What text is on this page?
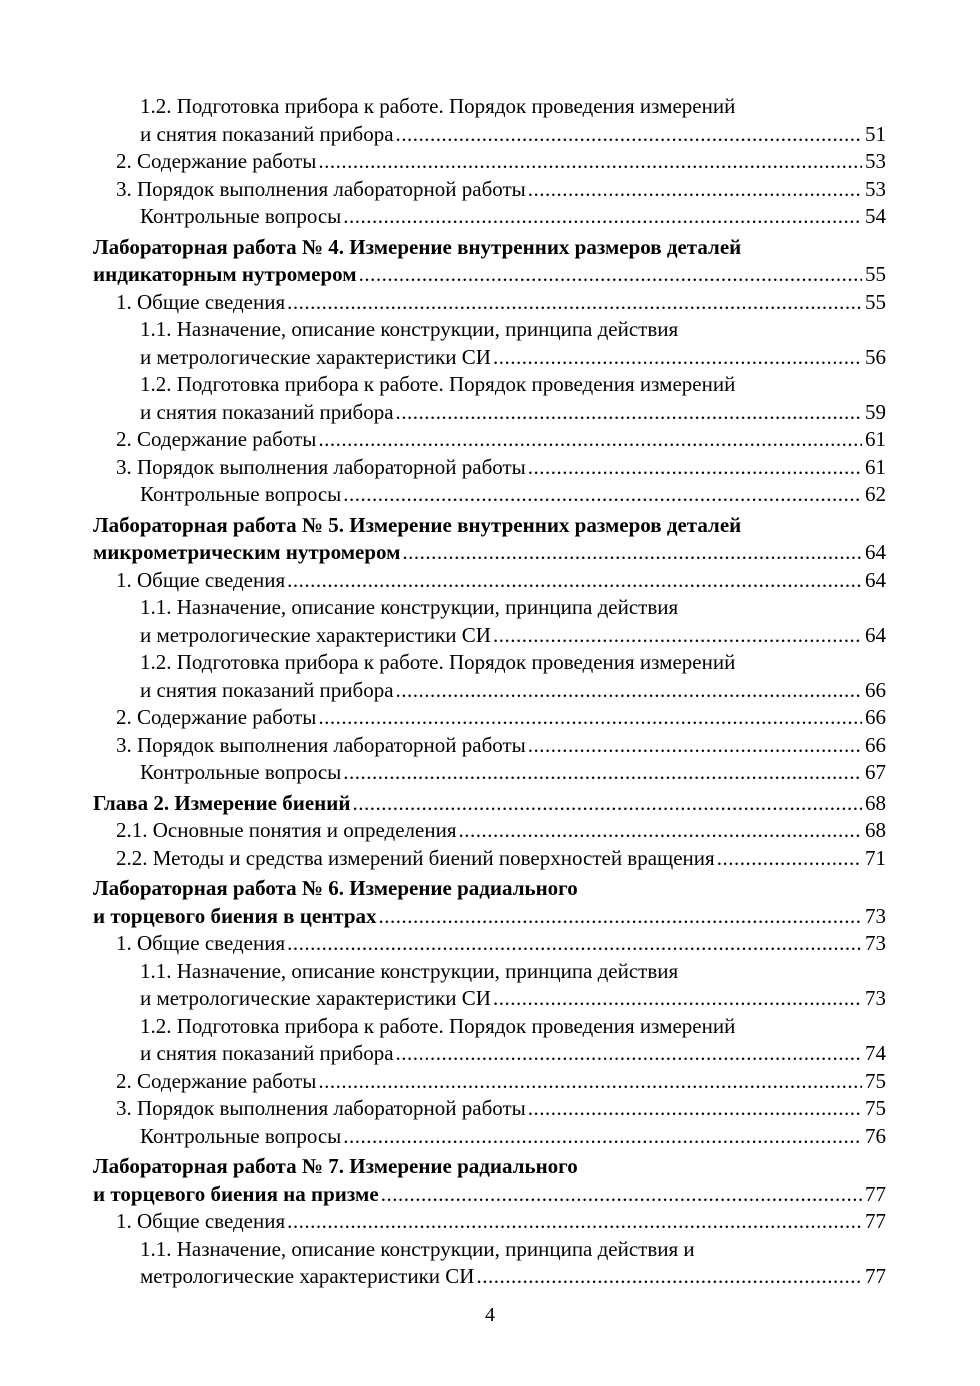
1.2. Подготовка прибора к работе. Порядок проведения измерений
и снятия показаний прибора .....	51
2. Содержание работы .....	53
3. Порядок выполнения лабораторной работы .....	53
Контрольные вопросы .....	54
Лабораторная работа № 4. Измерение внутренних размеров деталей
индикаторным нутромером .....	55
1. Общие сведения .....	55
1.1. Назначение, описание конструкции, принципа действия
и метрологические характеристики СИ .....	56
1.2. Подготовка прибора к работе. Порядок проведения измерений
и снятия показаний прибора .....	59
2. Содержание работы .....	61
3. Порядок выполнения лабораторной работы .....	61
Контрольные вопросы .....	62
Лабораторная работа № 5. Измерение внутренних размеров деталей
микрометрическим нутромером .....	64
1. Общие сведения .....	64
1.1. Назначение, описание конструкции, принципа действия
и метрологические характеристики СИ .....	64
1.2. Подготовка прибора к работе. Порядок проведения измерений
и снятия показаний прибора .....	66
2. Содержание работы .....	66
3. Порядок выполнения лабораторной работы .....	66
Контрольные вопросы .....	67
Глава 2. Измерение биений .....	68
2.1. Основные понятия и определения .....	68
2.2. Методы и средства измерений биений поверхностей вращения .....	71
Лабораторная работа № 6. Измерение радиального
и торцевого биения в центрах .....	73
1. Общие сведения .....	73
1.1. Назначение, описание конструкции, принципа действия
и метрологические характеристики СИ .....	73
1.2. Подготовка прибора к работе. Порядок проведения измерений
и снятия показаний прибора .....	74
2. Содержание работы .....	75
3. Порядок выполнения лабораторной работы .....	75
Контрольные вопросы .....	76
Лабораторная работа № 7. Измерение радиального
и торцевого биения на призме .....	77
1. Общие сведения .....	77
1.1. Назначение, описание конструкции, принципа действия и
метрологические характеристики СИ .....	77
4
